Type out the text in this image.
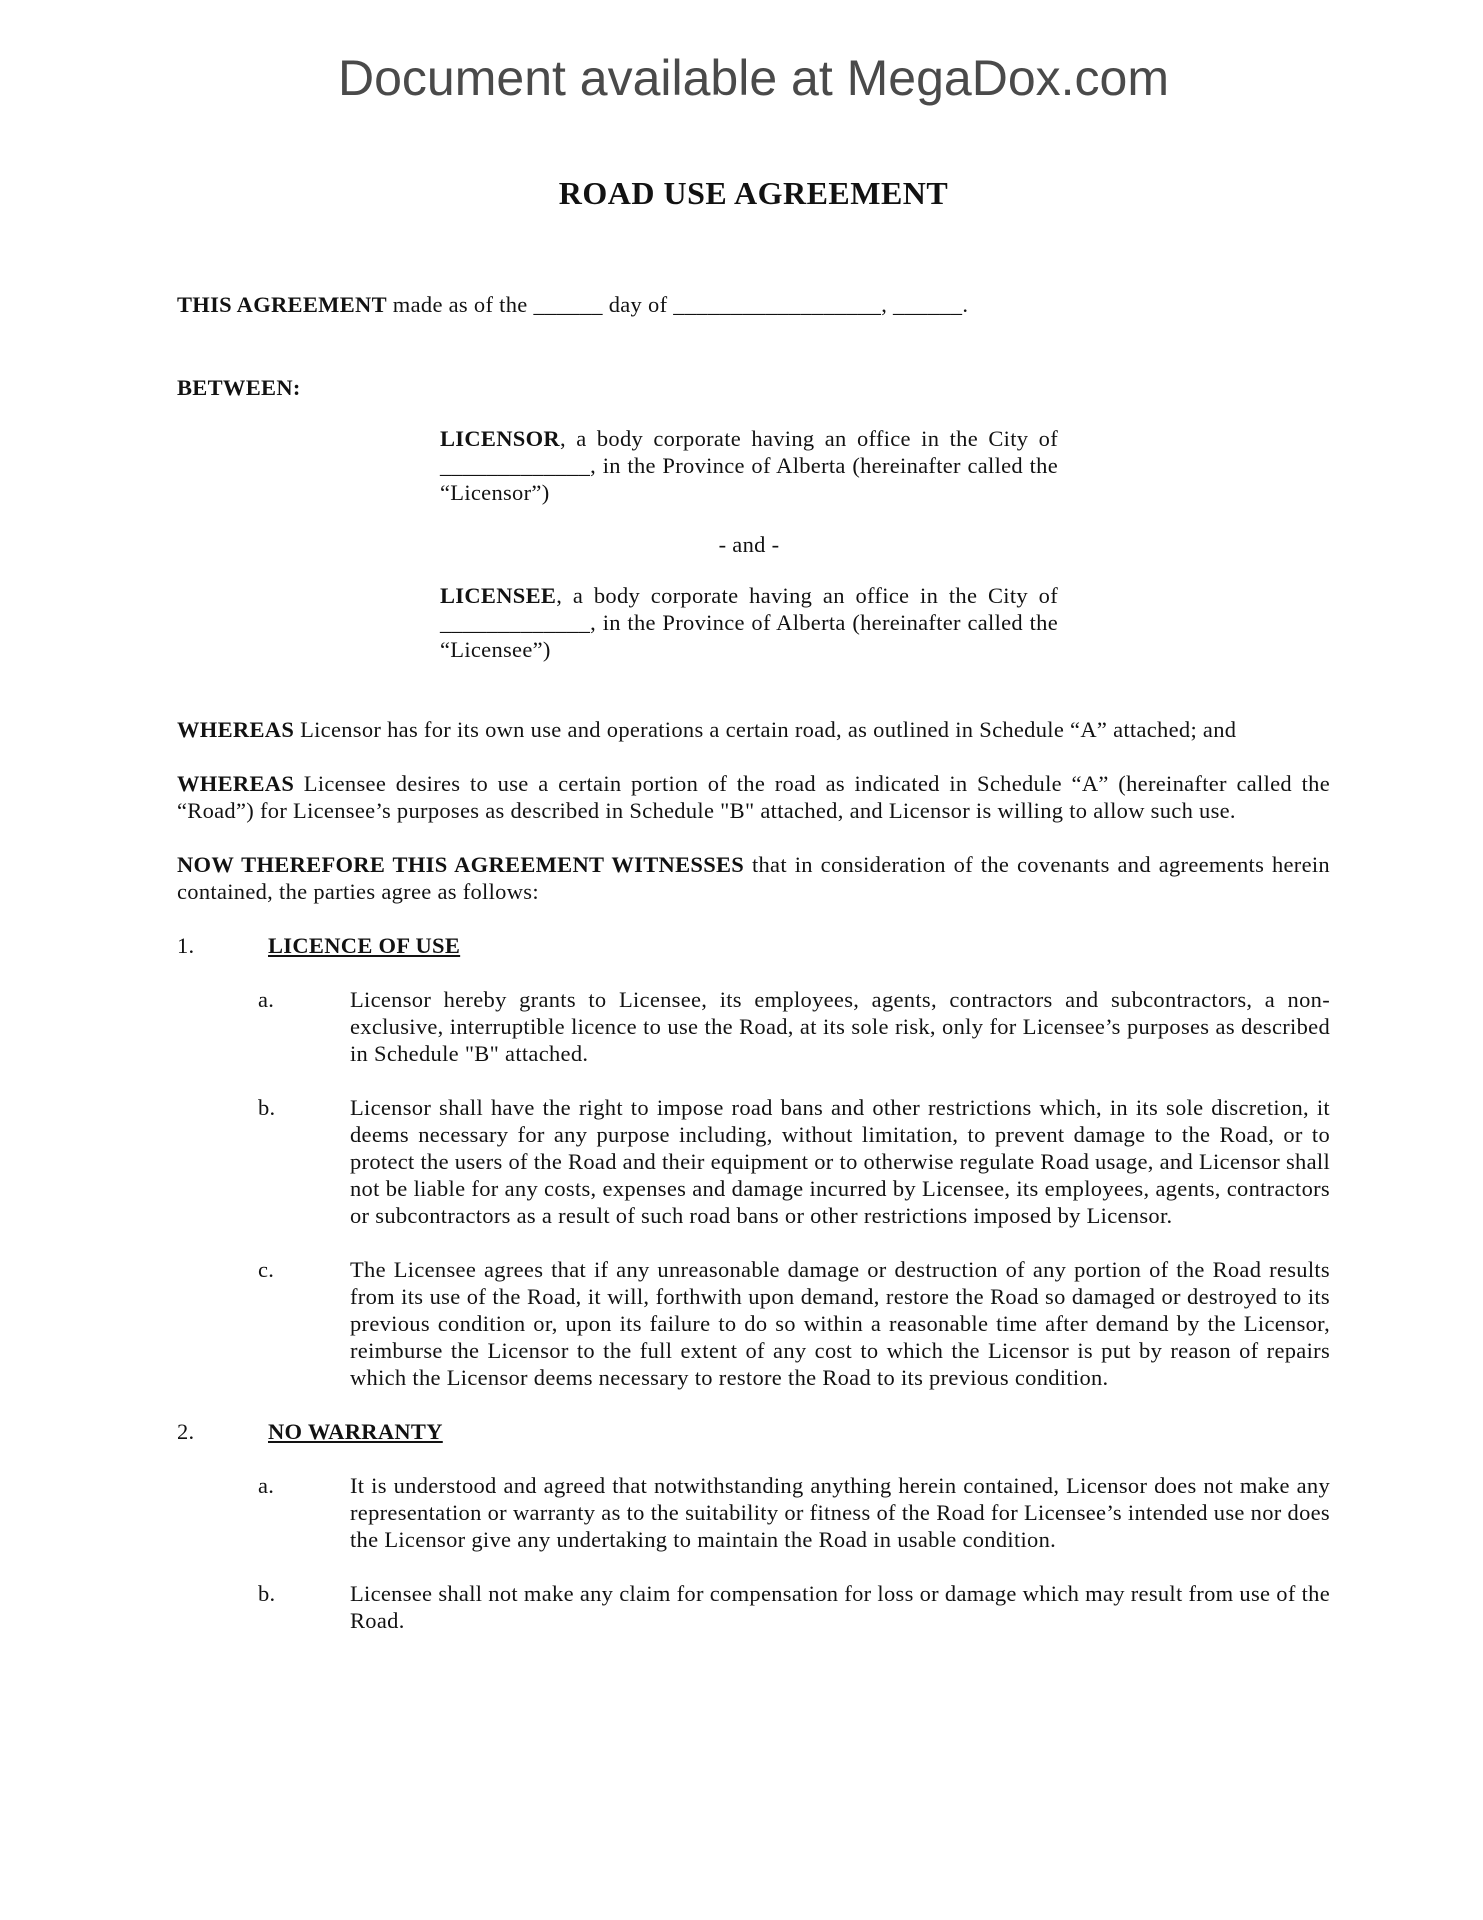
Document available at MegaDox.com
ROAD USE AGREEMENT

THIS AGREEMENT made as of the ______ day of __________________, ______.

BETWEEN:

LICENSOR, a body corporate having an office in the City of _____________, in the Province of Alberta (hereinafter called the “Licensor”)
- and -
LICENSEE, a body corporate having an office in the City of _____________, in the Province of Alberta (hereinafter called the “Licensee”)

WHEREAS Licensor has for its own use and operations a certain road, as outlined in Schedule “A” attached; and

WHEREAS Licensee desires to use a certain portion of the road as indicated in Schedule “A” (hereinafter called the “Road”) for Licensee’s purposes as described in Schedule "B" attached, and Licensor is willing to allow such use.

NOW THEREFORE THIS AGREEMENT WITNESSES that in consideration of the covenants and agreements herein contained, the parties agree as follows:

1.	LICENCE OF USE
a.	Licensor hereby grants to Licensee, its employees, agents, contractors and subcontractors, a non-exclusive, interruptible licence to use the Road, at its sole risk, only for Licensee’s purposes as described in Schedule "B" attached.
b.	Licensor shall have the right to impose road bans and other restrictions which, in its sole discretion, it deems necessary for any purpose including, without limitation, to prevent damage to the Road, or to protect the users of the Road and their equipment or to otherwise regulate Road usage, and Licensor shall not be liable for any costs, expenses and damage incurred by Licensee, its employees, agents, contractors or subcontractors as a result of such road bans or other restrictions imposed by Licensor.
c.	The Licensee agrees that if any unreasonable damage or destruction of any portion of the Road results from its use of the Road, it will, forthwith upon demand, restore the Road so damaged or destroyed to its previous condition or, upon its failure to do so within a reasonable time after demand by the Licensor, reimburse the Licensor to the full extent of any cost to which the Licensor is put by reason of repairs which the Licensor deems necessary to restore the Road to its previous condition.
2.	NO WARRANTY
a.	It is understood and agreed that notwithstanding anything herein contained, Licensor does not make any representation or warranty as to the suitability or fitness of the Road for Licensee’s intended use nor does the Licensor give any undertaking to maintain the Road in usable condition.
b.	Licensee shall not make any claim for compensation for loss or damage which may result from use of the Road.
